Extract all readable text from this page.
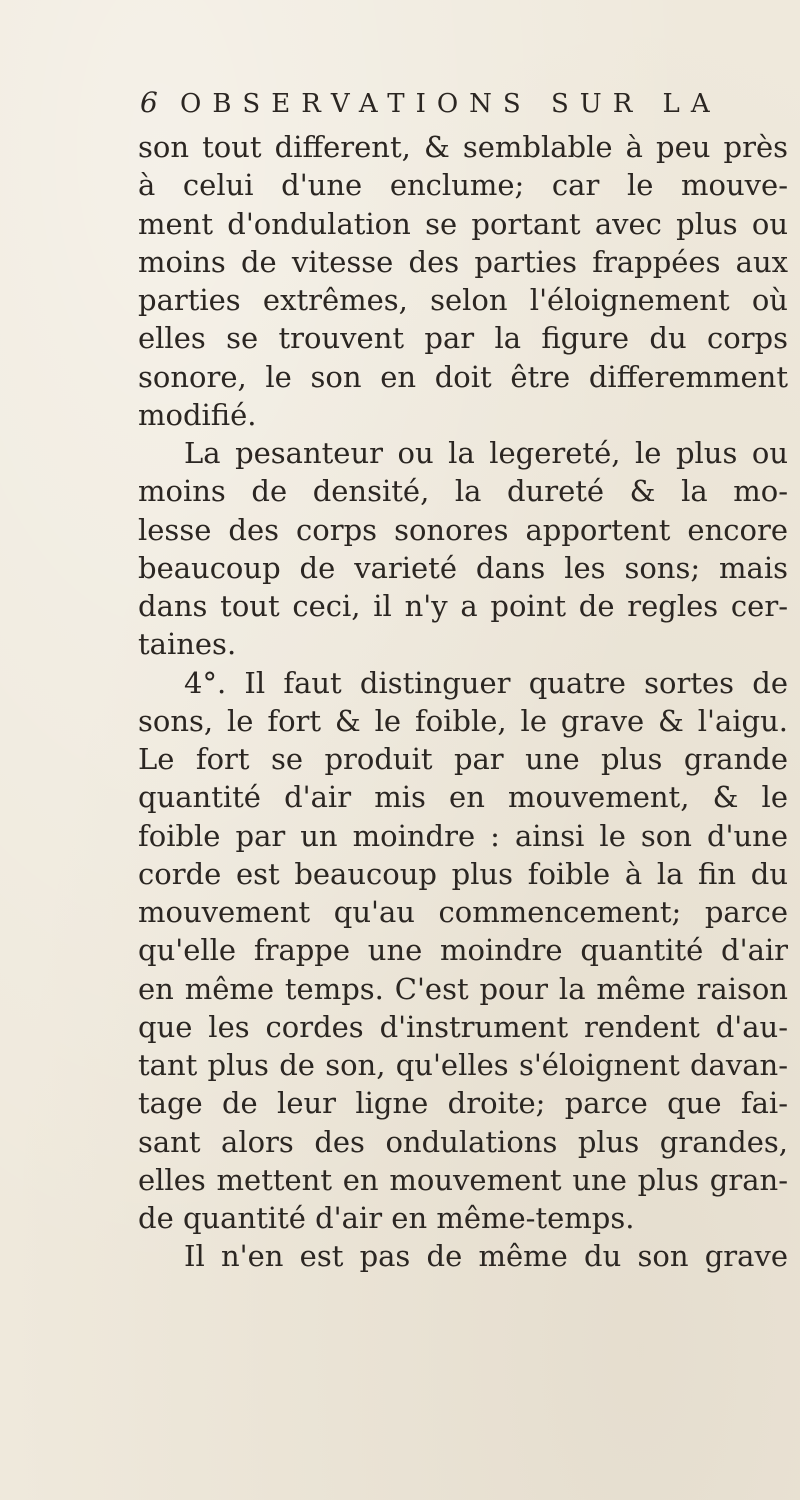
6 OBSERVATIONS SUR LA
son tout different, & semblable à peu près
à celui d'une enclume; car le mouve-
ment d'ondulation se portant avec plus ou
moins de vitesse des parties frappées aux
parties extrêmes, selon l'éloignement où
elles se trouvent par la figure du corps
sonore, le son en doit être differemment
modifié.
La pesanteur ou la legereté, le plus ou
moins de densité, la dureté & la mo-
lesse des corps sonores apportent encore
beaucoup de varieté dans les sons; mais
dans tout ceci, il n'y a point de regles cer-
taines.
4°. Il faut distinguer quatre sortes de
sons, le fort & le foible, le grave & l'aigu.
Le fort se produit par une plus grande
quantité d'air mis en mouvement, & le
foible par un moindre : ainsi le son d'une
corde est beaucoup plus foible à la fin du
mouvement qu'au commencement; parce
qu'elle frappe une moindre quantité d'air
en même temps. C'est pour la même raison
que les cordes d'instrument rendent d'au-
tant plus de son, qu'elles s'éloignent davan-
tage de leur ligne droite; parce que fai-
sant alors des ondulations plus grandes,
elles mettent en mouvement une plus gran-
de quantité d'air en même-temps.
Il n'en est pas de même du son grave
